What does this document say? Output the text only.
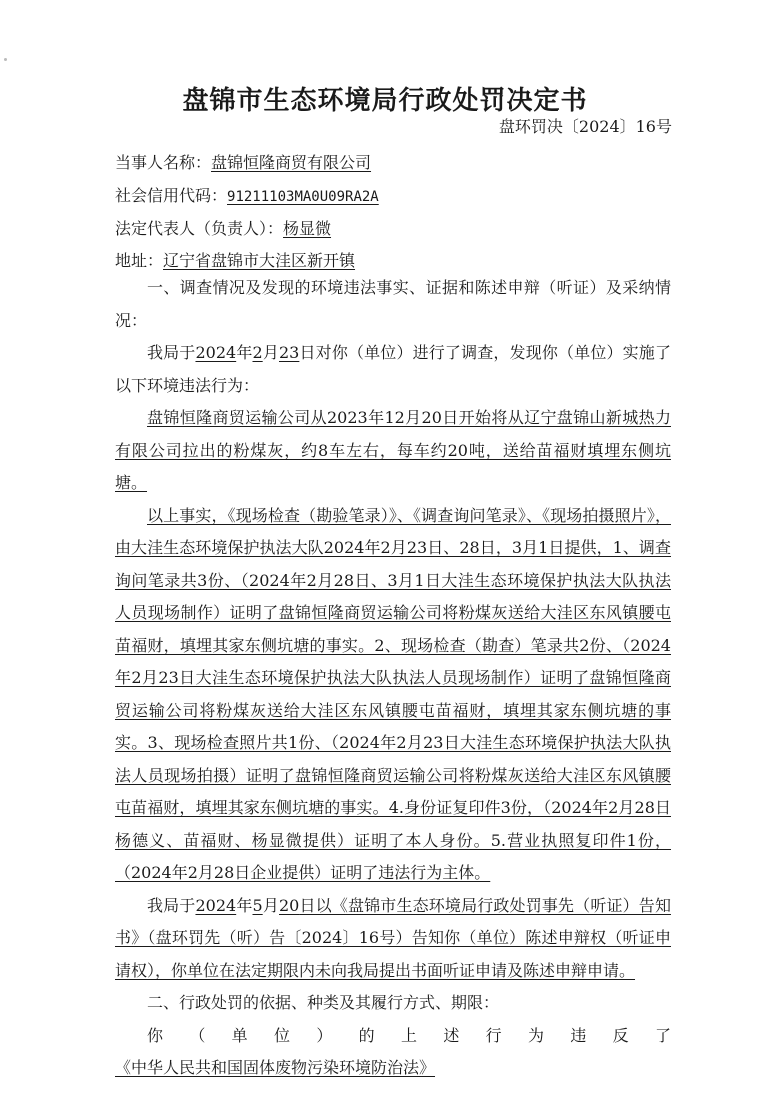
盘锦市生态环境局行政处罚决定书
盘环罚决〔2024〕16号
当事人名称：盘锦恒隆商贸有限公司
社会信用代码：91211103MA0U09RA2A
法定代表人（负责人）：杨显微
地址：辽宁省盘锦市大洼区新开镇

一、调查情况及发现的环境违法事实、证据和陈述申辩（听证）及采纳情况：

我局于2024年2月23日对你（单位）进行了调查，发现你（单位）实施了以下环境违法行为：

盘锦恒隆商贸运输公司从2023年12月20日开始将从辽宁盘锦山新城热力有限公司拉出的粉煤灰，约8车左右，每车约20吨，送给苗福财填埋东侧坑塘。

以上事实，《现场检查（勘验笔录）》、《调查询问笔录》、《现场拍摄照片》，由大洼生态环境保护执法大队2024年2月23日、28日，3月1日提供，1、调查询问笔录共3份、（2024年2月28日、3月1日大洼生态环境保护执法大队执法人员现场制作）证明了盘锦恒隆商贸运输公司将粉煤灰送给大洼区东风镇腰屯苗福财，填埋其家东侧坑塘的事实。2、现场检查（勘查）笔录共2份、（2024年2月23日大洼生态环境保护执法大队执法人员现场制作）证明了盘锦恒隆商贸运输公司将粉煤灰送给大洼区东风镇腰屯苗福财，填埋其家东侧坑塘的事实。3、现场检查照片共1份、（2024年2月23日大洼生态环境保护执法大队执法人员现场拍摄）证明了盘锦恒隆商贸运输公司将粉煤灰送给大洼区东风镇腰屯苗福财，填埋其家东侧坑塘的事实。4.身份证复印件3份，（2024年2月28日杨德义、苗福财、杨显微提供）证明了本人身份。5.营业执照复印件1份，（2024年2月28日企业提供）证明了违法行为主体。

我局于2024年5月20日以《盘锦市生态环境局行政处罚事先（听证）告知书》（盘环罚先（听）告〔2024〕16号）告知你（单位）陈述申辩权（听证申请权），你单位在法定期限内未向我局提出书面听证申请及陈述申辩申请。

二、行政处罚的依据、种类及其履行方式、期限：

你（单位）的上述行为违反了《中华人民共和国固体废物污染环境防治法》
